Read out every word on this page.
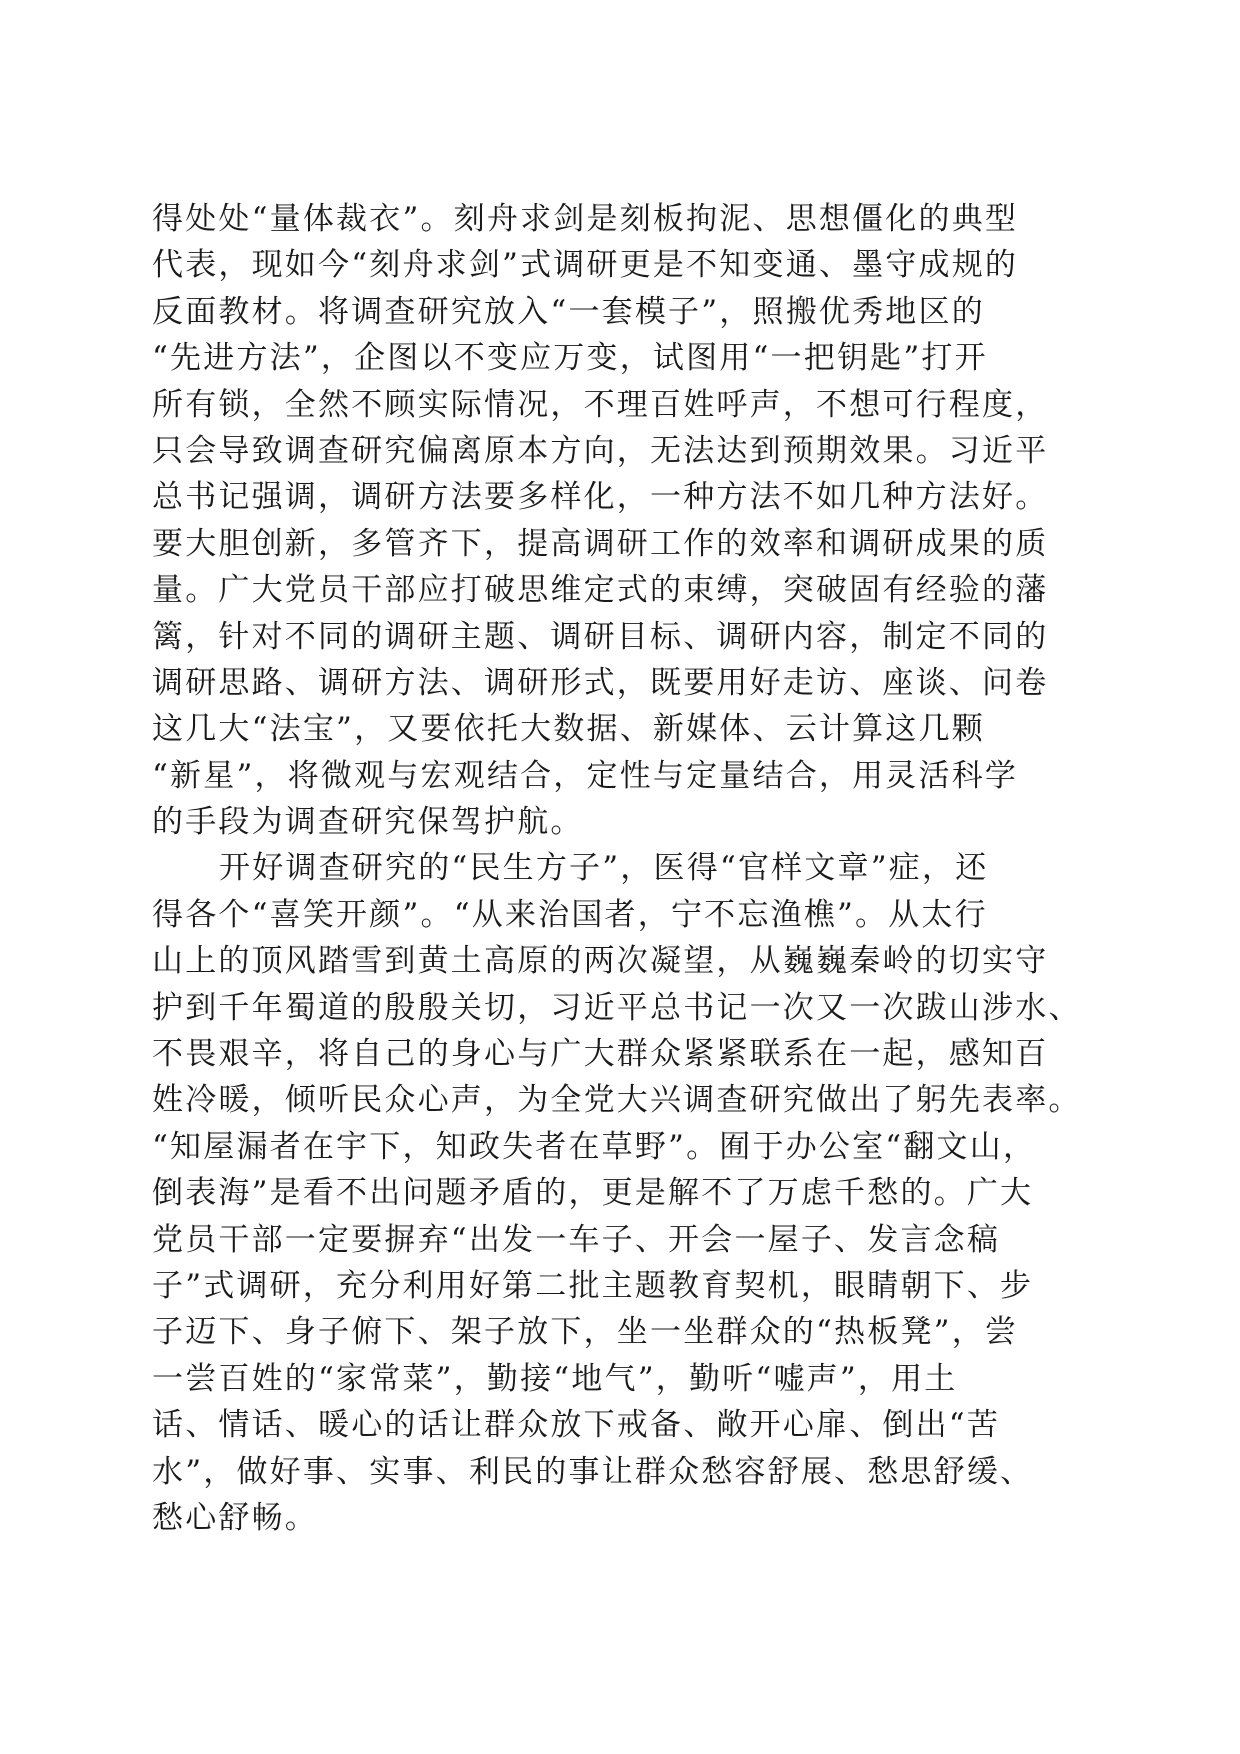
得处处“量体裁衣”。刻舟求剑是刻板拘泥、思想僵化的典型
代表，现如今“刻舟求剑”式调研更是不知变通、墨守成规的
反面教材。将调查研究放入“一套模子”，照搬优秀地区的
“先进方法”，企图以不变应万变，试图用“一把钥匙”打开
所有锁，全然不顾实际情况，不理百姓呼声，不想可行程度，
只会导致调查研究偏离原本方向，无法达到预期效果。习近平
总书记强调，调研方法要多样化，一种方法不如几种方法好。
要大胆创新，多管齐下，提高调研工作的效率和调研成果的质
量。广大党员干部应打破思维定式的束缚，突破固有经验的藩
篱，针对不同的调研主题、调研目标、调研内容，制定不同的
调研思路、调研方法、调研形式，既要用好走访、座谈、问卷
这几大“法宝”，又要依托大数据、新媒体、云计算这几颗
“新星”，将微观与宏观结合，定性与定量结合，用灵活科学
的手段为调查研究保驾护航。
开好调查研究的“民生方子”，医得“官样文章”症，还
得各个“喜笑开颜”。“从来治国者，宁不忘渔樵”。从太行
山上的顶风踏雪到黄土高原的两次凝望，从巍巍秦岭的切实守
护到千年蜀道的殷殷关切，习近平总书记一次又一次跋山涉水、
不畏艰辛，将自己的身心与广大群众紧紧联系在一起，感知百
姓冷暖，倾听民众心声，为全党大兴调查研究做出了躬先表率。
“知屋漏者在宇下，知政失者在草野”。囿于办公室“翻文山，
倒表海”是看不出问题矛盾的，更是解不了万虑千愁的。广大
党员干部一定要摒弃“出发一车子、开会一屋子、发言念稿
子”式调研，充分利用好第二批主题教育契机，眼睛朝下、步
子迈下、身子俯下、架子放下，坐一坐群众的“热板凳”，尝
一尝百姓的“家常菜”，勤接“地气”，勤听“嘘声”，用土
话、情话、暖心的话让群众放下戒备、敞开心扉、倒出“苦
水”，做好事、实事、利民的事让群众愁容舒展、愁思舒缓、
愁心舒畅。
